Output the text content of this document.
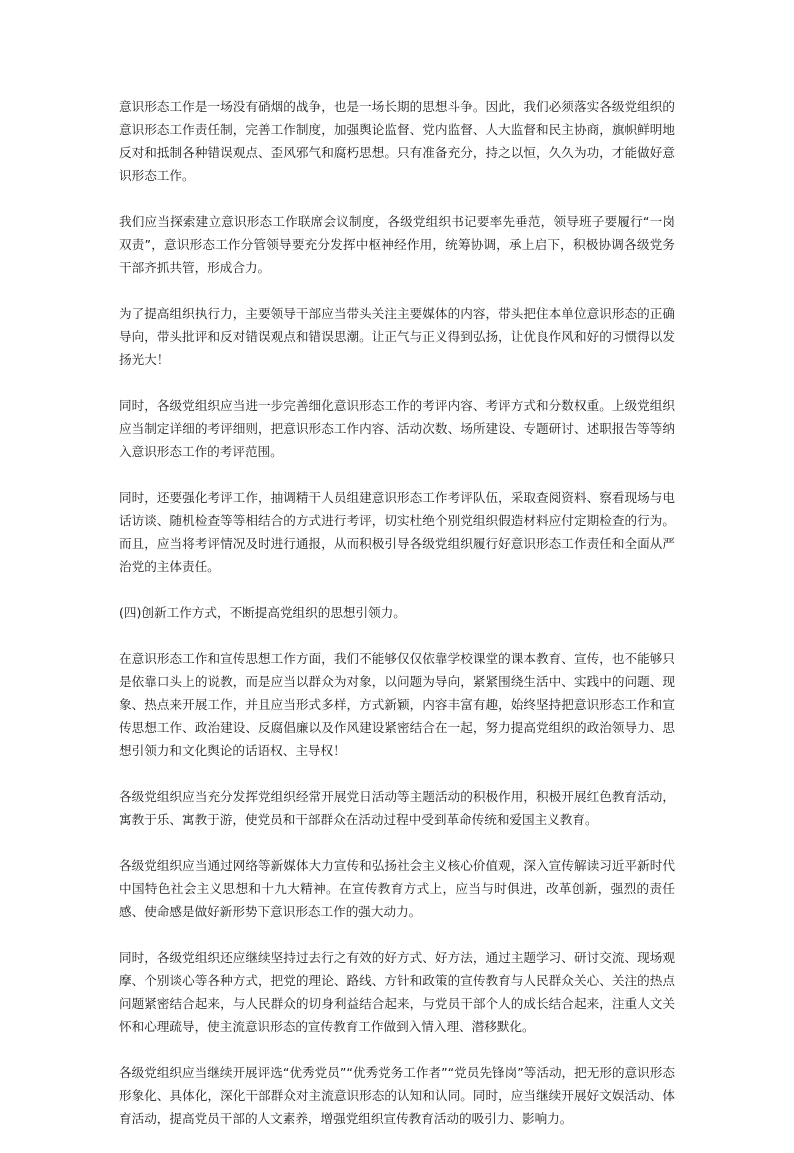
意识形态工作是一场没有硝烟的战争，也是一场长期的思想斗争。因此，我们必须落实各级党组织的意识形态工作责任制，完善工作制度，加强舆论监督、党内监督、人大监督和民主协商，旗帜鲜明地反对和抵制各种错误观点、歪风邪气和腐朽思想。只有准备充分，持之以恒，久久为功，才能做好意识形态工作。

我们应当探索建立意识形态工作联席会议制度，各级党组织书记要率先垂范，领导班子要履行“一岗双责”，意识形态工作分管领导要充分发挥中枢神经作用，统筹协调，承上启下，积极协调各级党务干部齐抓共管，形成合力。

为了提高组织执行力，主要领导干部应当带头关注主要媒体的内容，带头把住本单位意识形态的正确导向，带头批评和反对错误观点和错误思潮。让正气与正义得到弘扬，让优良作风和好的习惯得以发扬光大！

同时，各级党组织应当进一步完善细化意识形态工作的考评内容、考评方式和分数权重。上级党组织应当制定详细的考评细则，把意识形态工作内容、活动次数、场所建设、专题研讨、述职报告等等纳入意识形态工作的考评范围。

同时，还要强化考评工作，抽调精干人员组建意识形态工作考评队伍，采取查阅资料、察看现场与电话访谈、随机检查等等相结合的方式进行考评，切实杜绝个别党组织假造材料应付定期检查的行为。而且，应当将考评情况及时进行通报，从而积极引导各级党组织履行好意识形态工作责任和全面从严治党的主体责任。

(四)创新工作方式，不断提高党组织的思想引领力。

在意识形态工作和宣传思想工作方面，我们不能够仅仅依靠学校课堂的课本教育、宣传，也不能够只是依靠口头上的说教，而是应当以群众为对象，以问题为导向，紧紧围绕生活中、实践中的问题、现象、热点来开展工作，并且应当形式多样，方式新颖，内容丰富有趣，始终坚持把意识形态工作和宣传思想工作、政治建设、反腐倡廉以及作风建设紧密结合在一起，努力提高党组织的政治领导力、思想引领力和文化舆论的话语权、主导权！

各级党组织应当充分发挥党组织经常开展党日活动等主题活动的积极作用，积极开展红色教育活动，寓教于乐、寓教于游，使党员和干部群众在活动过程中受到革命传统和爱国主义教育。

各级党组织应当通过网络等新媒体大力宣传和弘扬社会主义核心价值观，深入宣传解读习近平新时代中国特色社会主义思想和十九大精神。在宣传教育方式上，应当与时俱进，改革创新，强烈的责任感、使命感是做好新形势下意识形态工作的强大动力。

同时，各级党组织还应继续坚持过去行之有效的好方式、好方法，通过主题学习、研讨交流、现场观摩、个别谈心等各种方式，把党的理论、路线、方针和政策的宣传教育与人民群众关心、关注的热点问题紧密结合起来，与人民群众的切身利益结合起来，与党员干部个人的成长结合起来，注重人文关怀和心理疏导，使主流意识形态的宣传教育工作做到入情入理、潜移默化。

各级党组织应当继续开展评选“优秀党员”“优秀党务工作者”“党员先锋岗”等活动，把无形的意识形态形象化、具体化，深化干部群众对主流意识形态的认知和认同。同时，应当继续开展好文娱活动、体育活动，提高党员干部的人文素养，增强党组织宣传教育活动的吸引力、影响力。
